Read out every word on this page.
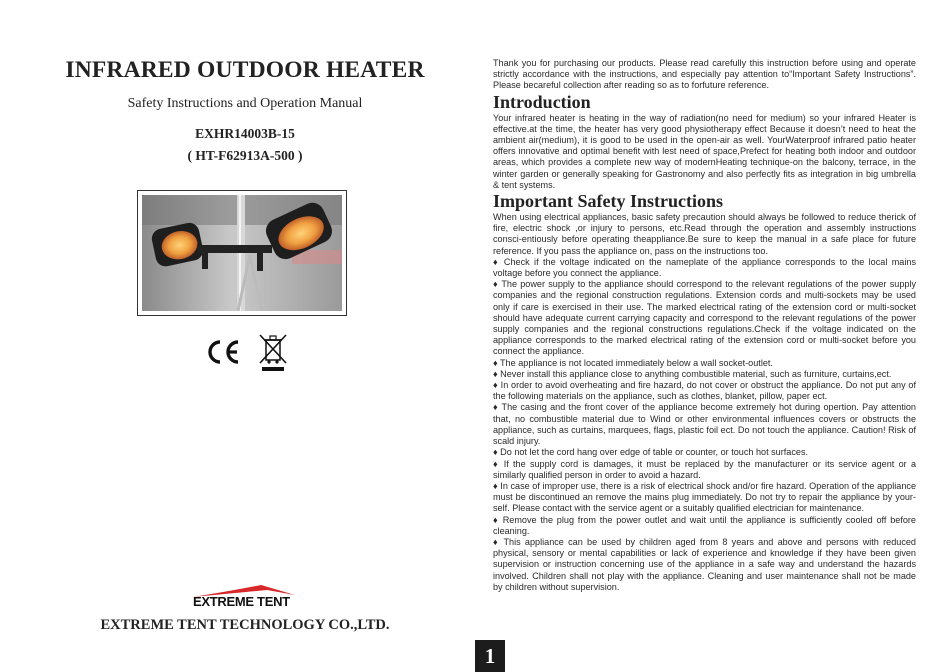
INFRARED OUTDOOR HEATER
Safety Instructions and Operation Manual
EXHR14003B-15
( HT-F62913A-500 )
EXTREME TENT
EXTREME TENT TECHNOLOGY CO.,LTD.

Thank you for purchasing our products. Please read carefully this instruction before using and operate strictly accordance with the instructions, and especially pay attention to“Important Safety Instructions”. Please becareful collection after reading so as to forfuture reference.

Introduction

Your infrared heater is heating in the way of radiation(no need for medium) so your infrared Heater is effective.at the time, the heater has very good physiotherapy effect Because it doesn’t need to heat the ambient air(medium), it is good to be used in the open-air as well. YourWaterproof infrared patio heater offers innovative and optimal benefit with lest need of space,Prefect for heating both indoor and outdoor areas, which provides a complete new way of modernHeating technique-on the balcony, terrace, in the winter garden or generally speaking for Gastronomy and also perfectly fits as integration in big umbrella & tent systems.

Important Safety Instructions

When using electrical appliances, basic safety precaution should always be followed to reduce therick of fire, electric shock ,or injury to persons, etc.Read through the operation and assembly instructions consci-entiously before operating theappliance.Be sure to keep the manual in a safe place for future reference. If you pass the appliance on, pass on the instructions too.

♦ Check if the voltage indicated on the nameplate of the appliance corresponds to the local mains voltage before you connect the appliance.
♦ The power supply to the appliance should correspond to the relevant regulations of the power supply companies and the regional construction regulations. Extension cords and multi-sockets may be used only if care is exercised in their use. The marked electrical rating of the extension cord or multi-socket should have adequate current carrying capacity and correspond to the relevant regulations of the power supply companies and the regional constructions regulations.Check if the voltage indicated on the appliance corresponds to the marked electrical rating of the extension cord or multi-socket before you connect the appliance.
♦ The appliance is not located immediately below a wall socket-outlet.
♦ Never install this appliance close to anything combustible material, such as furniture, curtains,ect.
♦ In order to avoid overheating and fire hazard, do not cover or obstruct the appliance. Do not put any of the following materials on the appliance, such as clothes, blanket, pillow, paper ect.
♦ The casing and the front cover of the appliance become extremely hot during opertion. Pay attention that, no combustible material due to Wind or other environmental influences covers or obstructs the appliance, such as curtains, marquees, flags, plastic foil ect. Do not touch the appliance. Caution! Risk of scald injury.
♦ Do not let the cord hang over edge of table or counter, or touch hot surfaces.
♦ If the supply cord is damages, it must be replaced by the manufacturer or its service agent or a similarly qualified person in order to avoid a hazard.
♦ In case of improper use, there is a risk of electrical shock and/or fire hazard. Operation of the appliance must be discontinued an remove the mains plug immediately. Do not try to repair the appliance by your-self. Please contact with the service agent or a suitably qualified electrician for maintenance.
♦ Remove the plug from the power outlet and wait until the appliance is sufficiently cooled off before cleaning.
♦ This appliance can be used by children aged from 8 years and above and persons with reduced physical, sensory or mental capabilities or lack of experience and knowledge if they have been given supervision or instruction concerning use of the appliance in a safe way and understand the hazards involved. Children shall not play with the appliance. Cleaning and user maintenance shall not be made by children without supervision.
1
